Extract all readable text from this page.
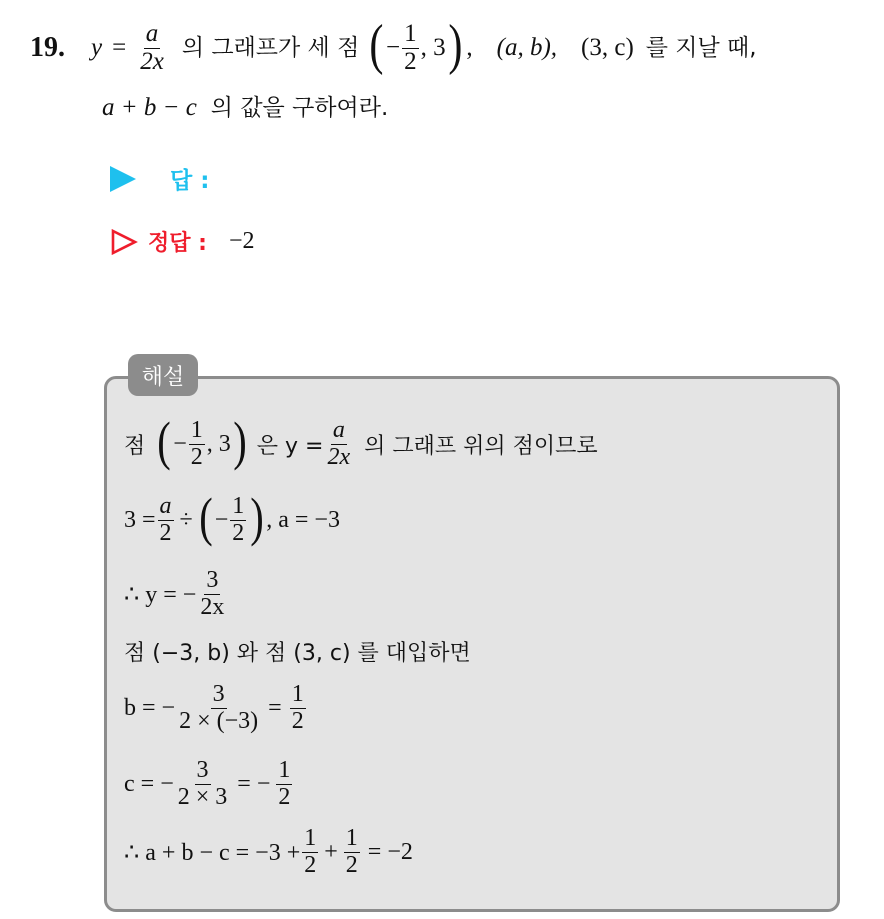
19. $y = \frac{a}{2x}$ 의 그래프가 세 점 ( − $\frac{1}{2}$ , 3 ) , (a, b), (3, c) 를 지날 때,
a + b − c 의 값을 구하여라.
답 :
정답 : −2
해설
점 ( − $\frac{1}{2}$ , 3 ) 은 $y = \frac{a}{2x}$ 의 그래프 위의 점이므로
$3 = \frac{a}{2}$ ÷ ( − $\frac{1}{2}$ ) , a = −3
∴ y = − $\frac{3}{2x}$
점 (−3, b) 와 점 (3, c) 를 대입하면
b = − $\frac{3}{2 \times (-3)} = \frac{1}{2}$
c = − $\frac{3}{2 \times 3}$ = − $\frac{1}{2}$
∴ $a + b - c = -3 + \frac{1}{2} + \frac{1}{2} = -2$
